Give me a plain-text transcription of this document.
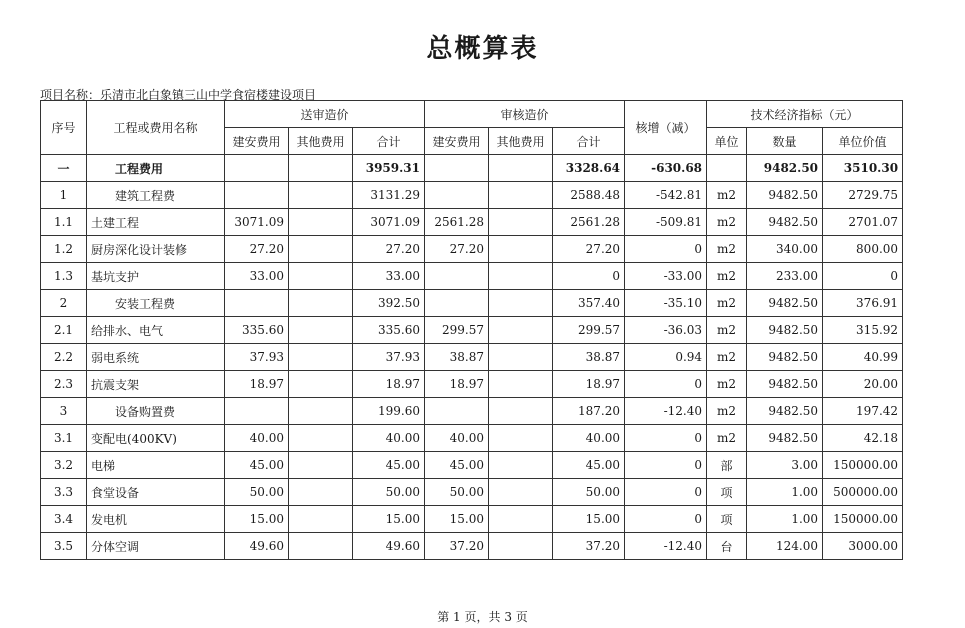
总概算表
项目名称：乐清市北白象镇三山中学食宿楼建设项目
序号	工程或费用名称	送审造价			审核造价			核增（减）	技术经济指标（元）		
		建安费用	其他费用	合计	建安费用	其他费用	合计		单位	数量	单位价值
一	工程费用			3959.31			3328.64	-630.68		9482.50	3510.30
1	建筑工程费			3131.29			2588.48	-542.81	m2	9482.50	2729.75
1.1	土建工程	3071.09		3071.09	2561.28		2561.28	-509.81	m2	9482.50	2701.07
1.2	厨房深化设计装修	27.20		27.20	27.20		27.20	0	m2	340.00	800.00
1.3	基坑支护	33.00		33.00			0	-33.00	m2	233.00	0
2	安装工程费			392.50			357.40	-35.10	m2	9482.50	376.91
2.1	给排水、电气	335.60		335.60	299.57		299.57	-36.03	m2	9482.50	315.92
2.2	弱电系统	37.93		37.93	38.87		38.87	0.94	m2	9482.50	40.99
2.3	抗震支架	18.97		18.97	18.97		18.97	0	m2	9482.50	20.00
3	设备购置费			199.60			187.20	-12.40	m2	9482.50	197.42
3.1	变配电(400KV)	40.00		40.00	40.00		40.00	0	m2	9482.50	42.18
3.2	电梯	45.00		45.00	45.00		45.00	0	部	3.00	150000.00
3.3	食堂设备	50.00		50.00	50.00		50.00	0	项	1.00	500000.00
3.4	发电机	15.00		15.00	15.00		15.00	0	项	1.00	150000.00
3.5	分体空调	49.60		49.60	37.20		37.20	-12.40	台	124.00	3000.00
第 1 页，共 3 页
